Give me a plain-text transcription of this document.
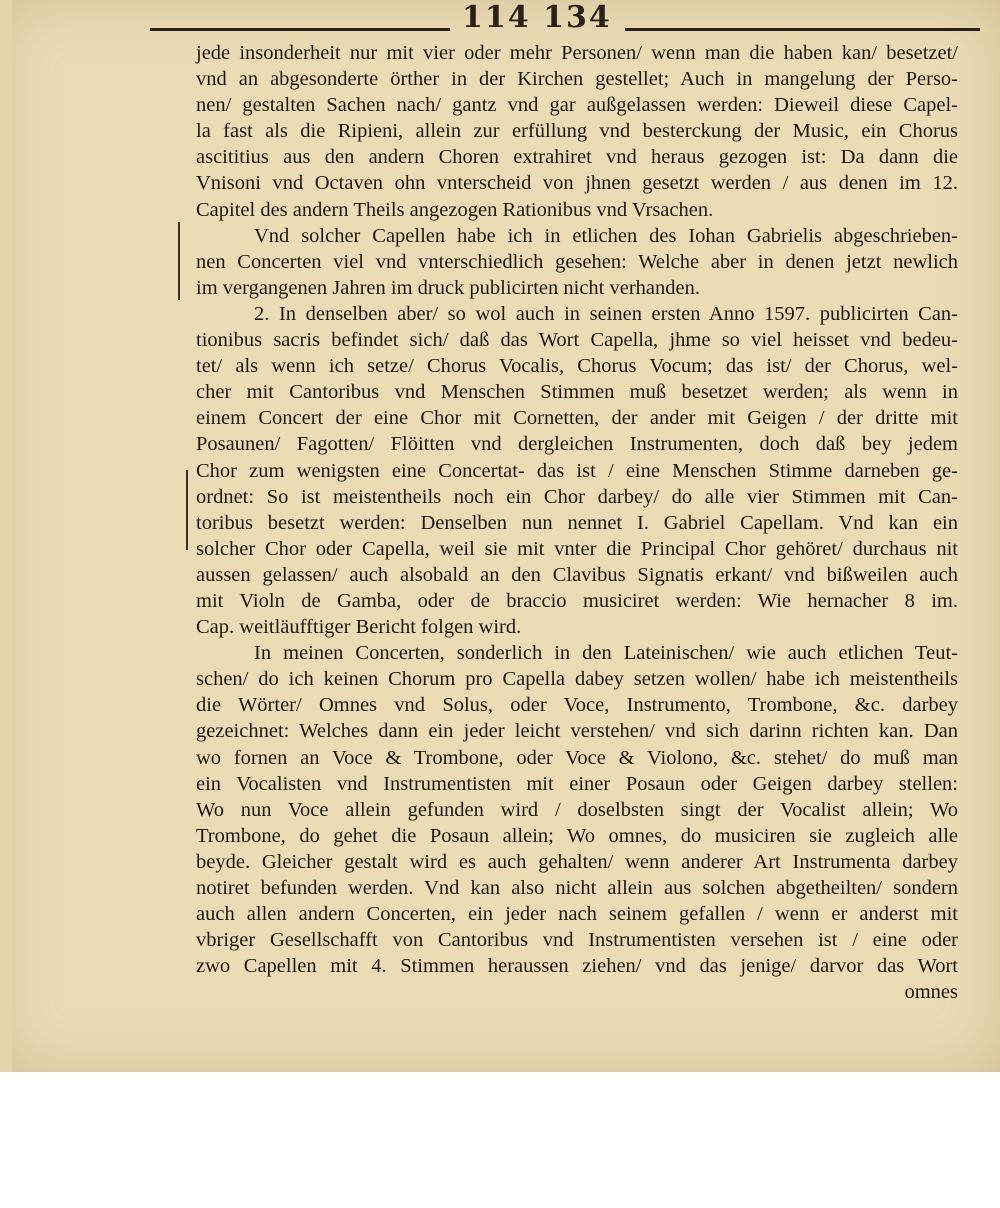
114 134
jede insonderheit nur mit vier oder mehr Personen/ wenn man die haben kan/ besetzet/
vnd an abgesonderte örther in der Kirchen gestellet; Auch in mangelung der Perso-
nen/ gestalten Sachen nach/ gantz vnd gar außgelassen werden: Dieweil diese Capel-
la fast als die Ripieni, allein zur erfüllung vnd besterckung der Music, ein Chorus
ascititius aus den andern Choren extrahiret vnd heraus gezogen ist: Da dann die
Vnisoni vnd Octaven ohn vnterscheid von jhnen gesetzt werden / aus denen im 12.
Capitel des andern Theils angezogen Rationibus vnd Vrsachen.
Vnd solcher Capellen habe ich in etlichen des Iohan Gabrielis abgeschrieben-
nen Concerten viel vnd vnterschiedlich gesehen: Welche aber in denen jetzt newlich
im vergangenen Jahren im druck publicirten nicht verhanden.
2. In denselben aber/ so wol auch in seinen ersten Anno 1597. publicirten Can-
tionibus sacris befindet sich/ daß das Wort Capella, jhme so viel heisset vnd bedeu-
tet/ als wenn ich setze/ Chorus Vocalis, Chorus Vocum; das ist/ der Chorus, wel-
cher mit Cantoribus vnd Menschen Stimmen muß besetzet werden; als wenn in
einem Concert der eine Chor mit Cornetten, der ander mit Geigen / der dritte mit
Posaunen/ Fagotten/ Flöitten vnd dergleichen Instrumenten, doch daß bey jedem
Chor zum wenigsten eine Concertat- das ist / eine Menschen Stimme darneben ge-
ordnet: So ist meistentheils noch ein Chor darbey/ do alle vier Stimmen mit Can-
toribus besetzt werden: Denselben nun nennet I. Gabriel Capellam. Vnd kan ein
solcher Chor oder Capella, weil sie mit vnter die Principal Chor gehöret/ durchaus nit
aussen gelassen/ auch alsobald an den Clavibus Signatis erkant/ vnd bißweilen auch
mit Violn de Gamba, oder de braccio musiciret werden: Wie hernacher 8 im.
Cap. weitläufftiger Bericht folgen wird.
In meinen Concerten, sonderlich in den Lateinischen/ wie auch etlichen Teut-
schen/ do ich keinen Chorum pro Capella dabey setzen wollen/ habe ich meistentheils
die Wörter/ Omnes vnd Solus, oder Voce, Instrumento, Trombone, &c. darbey
gezeichnet: Welches dann ein jeder leicht verstehen/ vnd sich darinn richten kan. Dan
wo fornen an Voce & Trombone, oder Voce & Violono, &c. stehet/ do muß man
ein Vocalisten vnd Instrumentisten mit einer Posaun oder Geigen darbey stellen:
Wo nun Voce allein gefunden wird / doselbsten singt der Vocalist allein; Wo
Trombone, do gehet die Posaun allein; Wo omnes, do musiciren sie zugleich alle
beyde. Gleicher gestalt wird es auch gehalten/ wenn anderer Art Instrumenta darbey
notiret befunden werden. Vnd kan also nicht allein aus solchen abgetheilten/ sondern
auch allen andern Concerten, ein jeder nach seinem gefallen / wenn er anderst mit
vbriger Gesellschafft von Cantoribus vnd Instrumentisten versehen ist / eine oder
zwo Capellen mit 4. Stimmen heraussen ziehen/ vnd das jenige/ darvor das Wort
omnes
